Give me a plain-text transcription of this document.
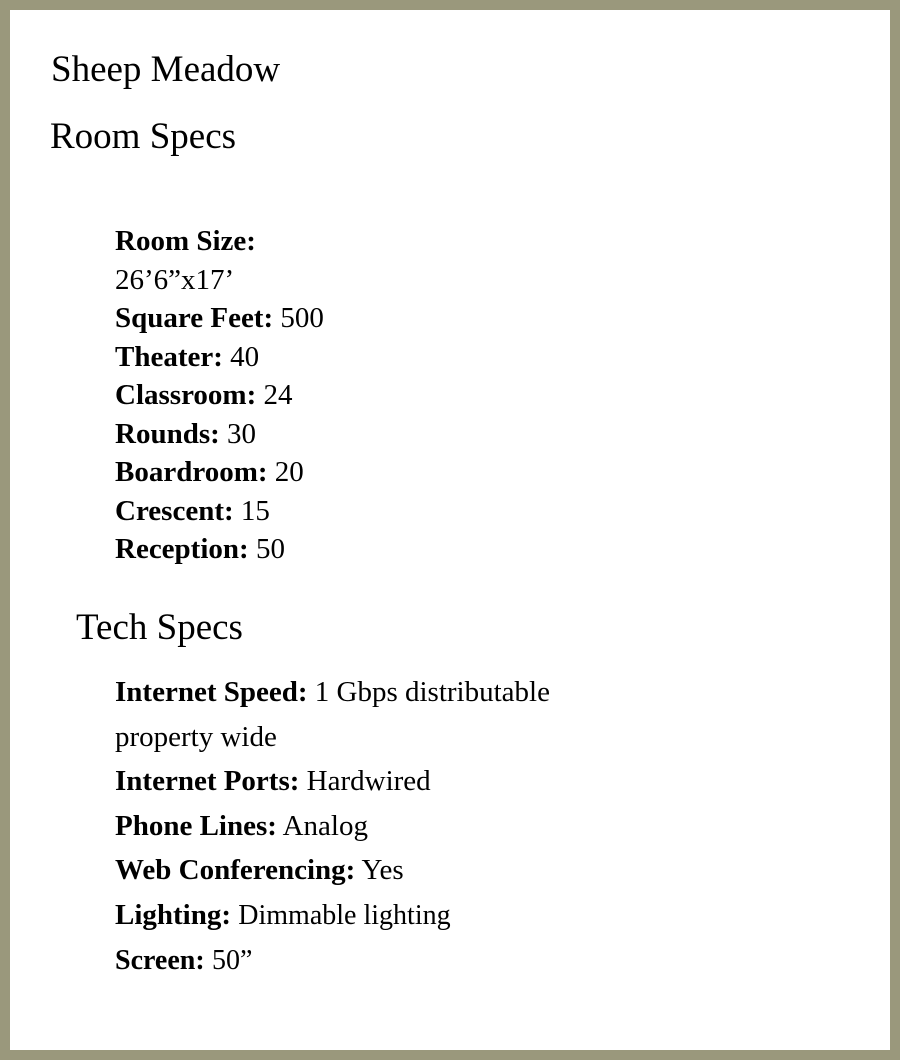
Sheep Meadow
Room Specs
Room Size:
26’6”x17’
Square Feet: 500
Theater: 40
Classroom: 24
Rounds: 30
Boardroom: 20
Crescent: 15
Reception: 50
Tech Specs
Internet Speed: 1 Gbps distributable
property wide
Internet Ports: Hardwired
Phone Lines: Analog
Web Conferencing: Yes
Lighting: Dimmable lighting
Screen: 50”
